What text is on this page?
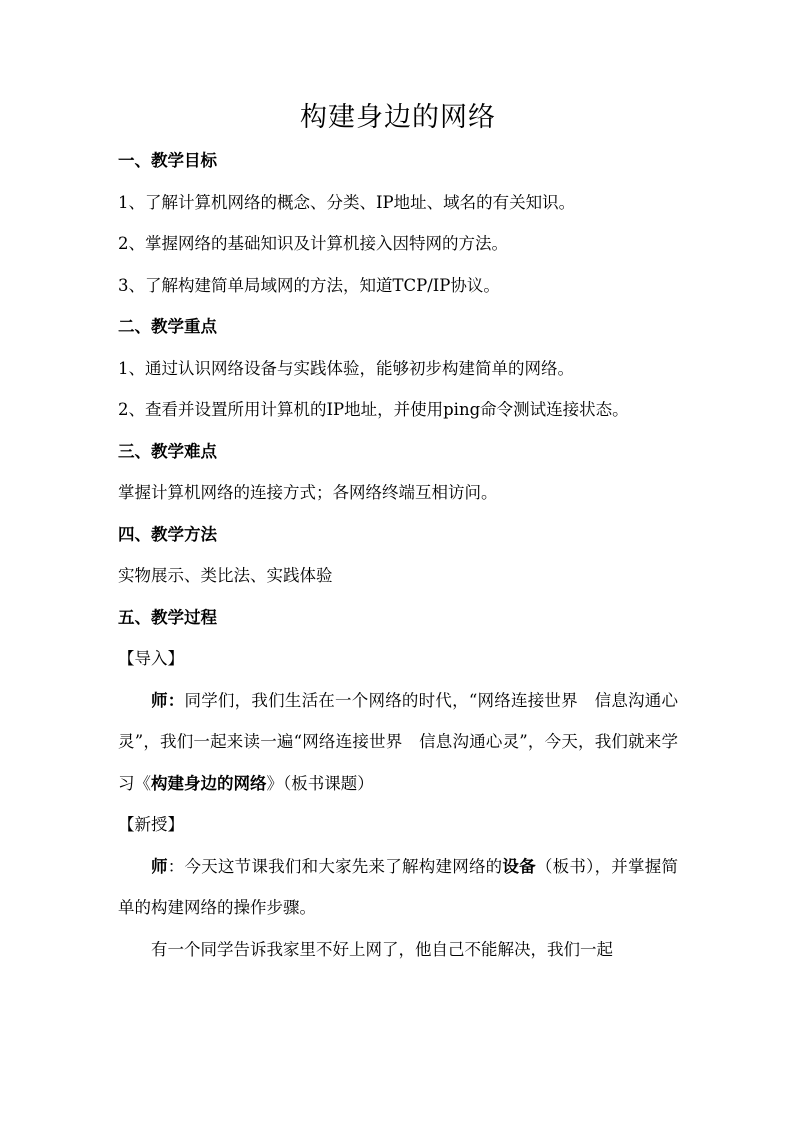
构建身边的网络

一、教学目标

1、了解计算机网络的概念、分类、IP地址、域名的有关知识。

2、掌握网络的基础知识及计算机接入因特网的方法。

3、了解构建简单局域网的方法，知道TCP/IP协议。

二、教学重点

1、通过认识网络设备与实践体验，能够初步构建简单的网络。

2、查看并设置所用计算机的IP地址，并使用ping命令测试连接状态。

三、教学难点

掌握计算机网络的连接方式；各网络终端互相访问。

四、教学方法

实物展示、类比法、实践体验

五、教学过程

【导入】

师：同学们，我们生活在一个网络的时代，“网络连接世界　信息沟通心灵”，我们一起来读一遍“网络连接世界　信息沟通心灵”，今天，我们就来学习《构建身边的网络》（板书课题）

【新授】

师：今天这节课我们和大家先来了解构建网络的设备（板书），并掌握简单的构建网络的操作步骤。

有一个同学告诉我家里不好上网了，他自己不能解决，我们一起
